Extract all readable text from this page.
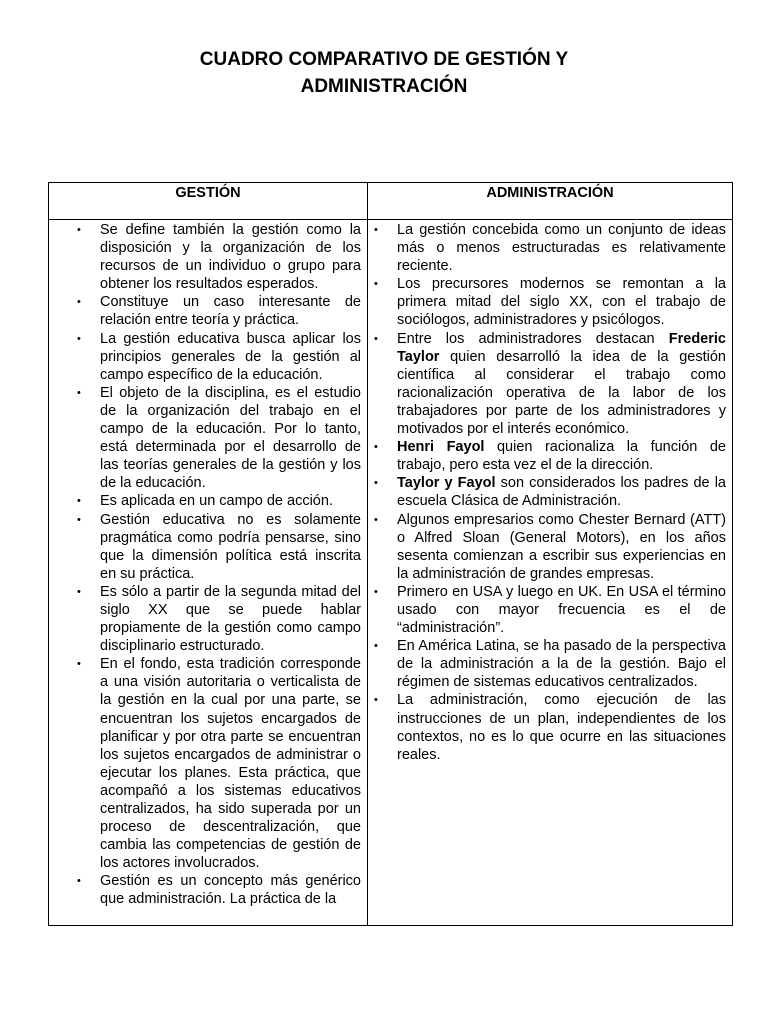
CUADRO COMPARATIVO DE GESTIÓN Y
ADMINISTRACIÓN
GESTIÓN	ADMINISTRACIÓN
• Se define también la gestión como la disposición y la organización de los recursos de un individuo o grupo para obtener los resultados esperados.
• Constituye un caso interesante de relación entre teoría y práctica.
• La gestión educativa busca aplicar los principios generales de la gestión al campo específico de la educación.
• El objeto de la disciplina, es el estudio de la organización del trabajo en el campo de la educación. Por lo tanto, está determinada por el desarrollo de las teorías generales de la gestión y los de la educación.
• Es aplicada en un campo de acción.
• Gestión educativa no es solamente pragmática como podría pensarse, sino que la dimensión política está inscrita en su práctica.
• Es sólo a partir de la segunda mitad del siglo XX que se puede hablar propiamente de la gestión como campo disciplinario estructurado.
• En el fondo, esta tradición corresponde a una visión autoritaria o verticalista de la gestión en la cual por una parte, se encuentran los sujetos encargados de planificar y por otra parte se encuentran los sujetos encargados de administrar o ejecutar los planes. Esta práctica, que acompañó a los sistemas educativos centralizados, ha sido superada por un proceso de descentralización, que cambia las competencias de gestión de los actores involucrados.
• Gestión es un concepto más genérico que administración. La práctica de la
• La gestión concebida como un conjunto de ideas más o menos estructuradas es relativamente reciente.
• Los precursores modernos se remontan a la primera mitad del siglo XX, con el trabajo de sociólogos, administradores y psicólogos.
• Entre los administradores destacan Frederic Taylor quien desarrolló la idea de la gestión científica al considerar el trabajo como racionalización operativa de la labor de los trabajadores por parte de los administradores y motivados por el interés económico.
• Henri Fayol quien racionaliza la función de trabajo, pero esta vez el de la dirección.
• Taylor y Fayol son considerados los padres de la escuela Clásica de Administración.
• Algunos empresarios como Chester Bernard (ATT) o Alfred Sloan (General Motors), en los años sesenta comienzan a escribir sus experiencias en la administración de grandes empresas.
• Primero en USA y luego en UK. En USA el término usado con mayor frecuencia es el de “administración”.
• En América Latina, se ha pasado de la perspectiva de la administración a la de la gestión. Bajo el régimen de sistemas educativos centralizados.
• La administración, como ejecución de las instrucciones de un plan, independientes de los contextos, no es lo que ocurre en las situaciones reales.
